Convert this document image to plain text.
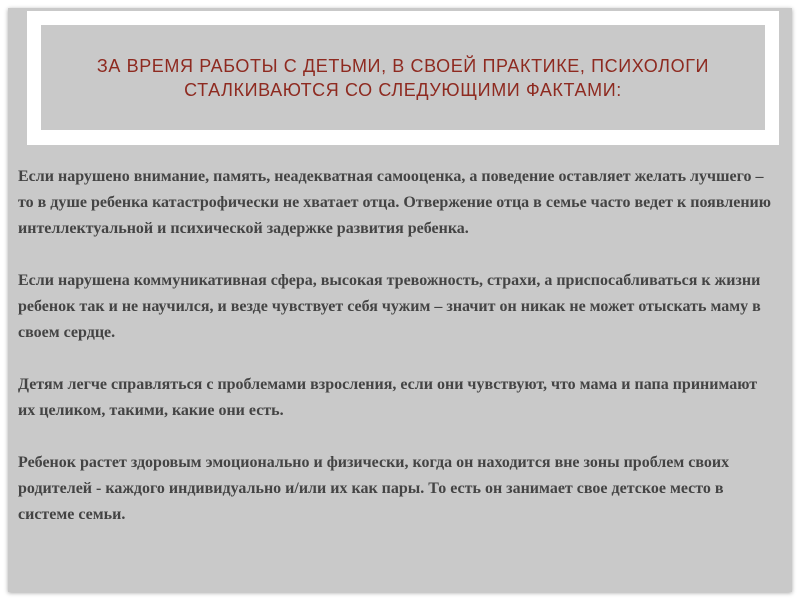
ЗА ВРЕМЯ РАБОТЫ С ДЕТЬМИ, В СВОЕЙ ПРАКТИКЕ, ПСИХОЛОГИ СТАЛКИВАЮТСЯ СО СЛЕДУЮЩИМИ ФАКТАМИ:

Если нарушено внимание, память, неадекватная самооценка, а поведение оставляет желать лучшего – то в душе ребенка катастрофически не хватает отца. Отвержение отца в семье часто ведет к появлению интеллектуальной и психической задержке развития ребенка.

Если нарушена коммуникативная сфера, высокая тревожность, страхи, а приспосабливаться к жизни ребенок так и не научился, и везде чувствует себя чужим – значит он никак не может отыскать маму в своем сердце.

Детям легче справляться с проблемами взросления, если они чувствуют, что мама и папа принимают их целиком, такими, какие они есть.

Ребенок растет здоровым эмоционально и физически, когда он находится вне зоны проблем своих родителей - каждого индивидуально и/или их как пары. То есть он занимает свое детское место в системе семьи.
